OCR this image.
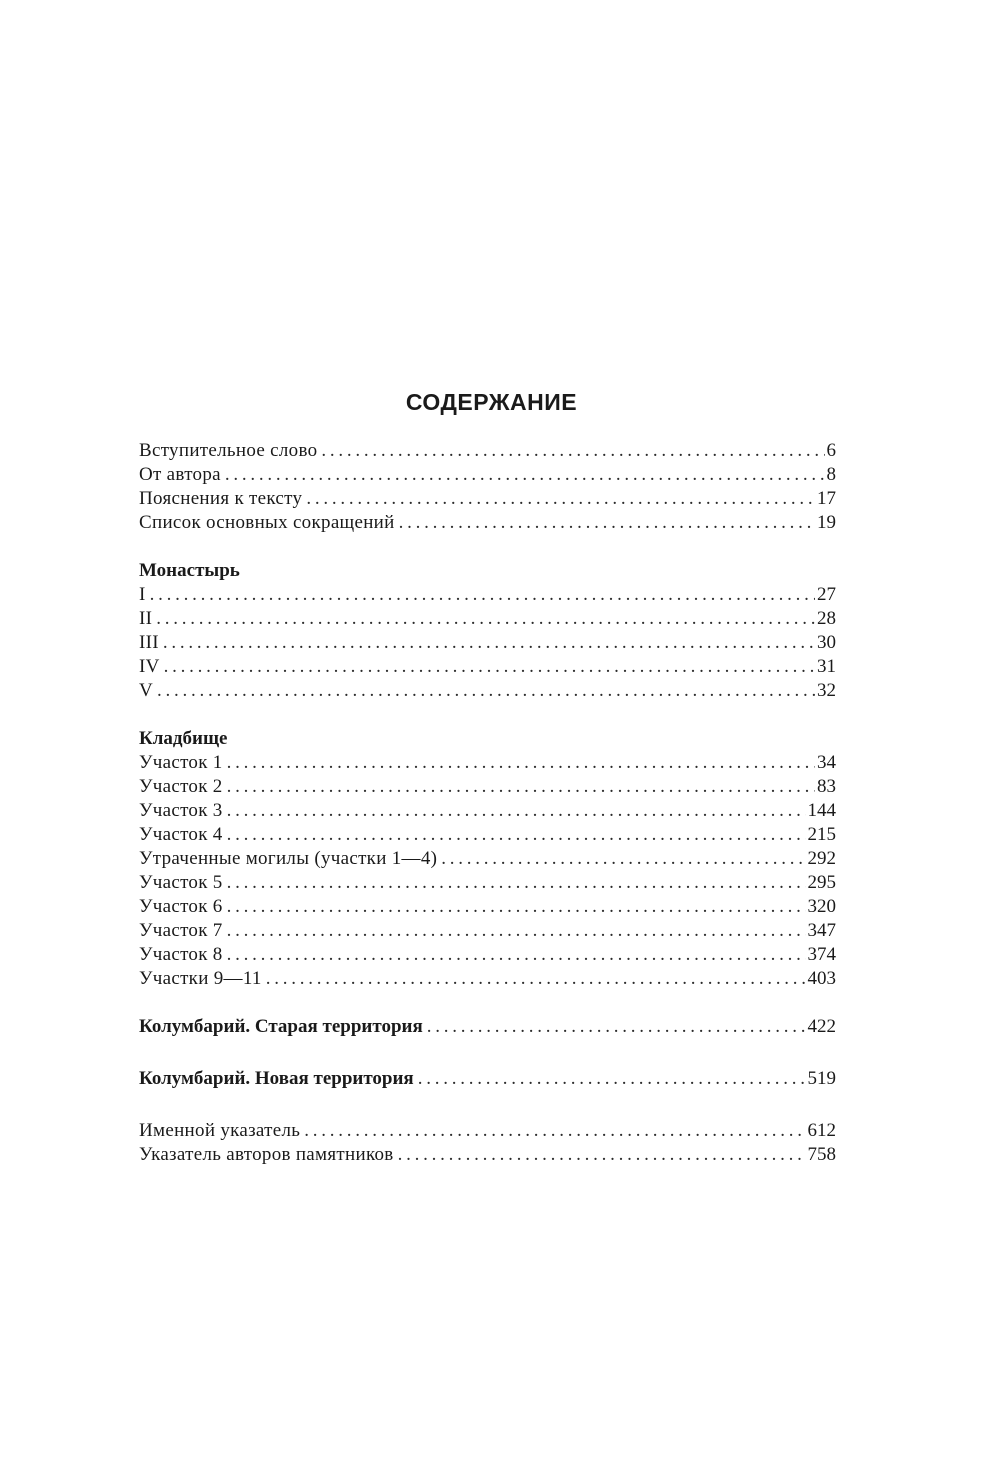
СОДЕРЖАНИЕ
Вступительное слово . . .	6
От автора . . .	8
Пояснения к тексту . . .	17
Список основных сокращений . . .	19
Монастырь
I . . .	27
II . . .	28
III . . .	30
IV . . .	31
V . . .	32
Кладбище
Участок 1 . . .	34
Участок 2 . . .	83
Участок 3 . . .	144
Участок 4 . . .	215
Утраченные могилы (участки 1—4) . . .	292
Участок 5 . . .	295
Участок 6 . . .	320
Участок 7 . . .	347
Участок 8 . . .	374
Участки 9—11 . . .	403
Колумбарий. Старая территория . . .	422
Колумбарий. Новая территория . . .	519
Именной указатель . . .	612
Указатель авторов памятников . . .	758
